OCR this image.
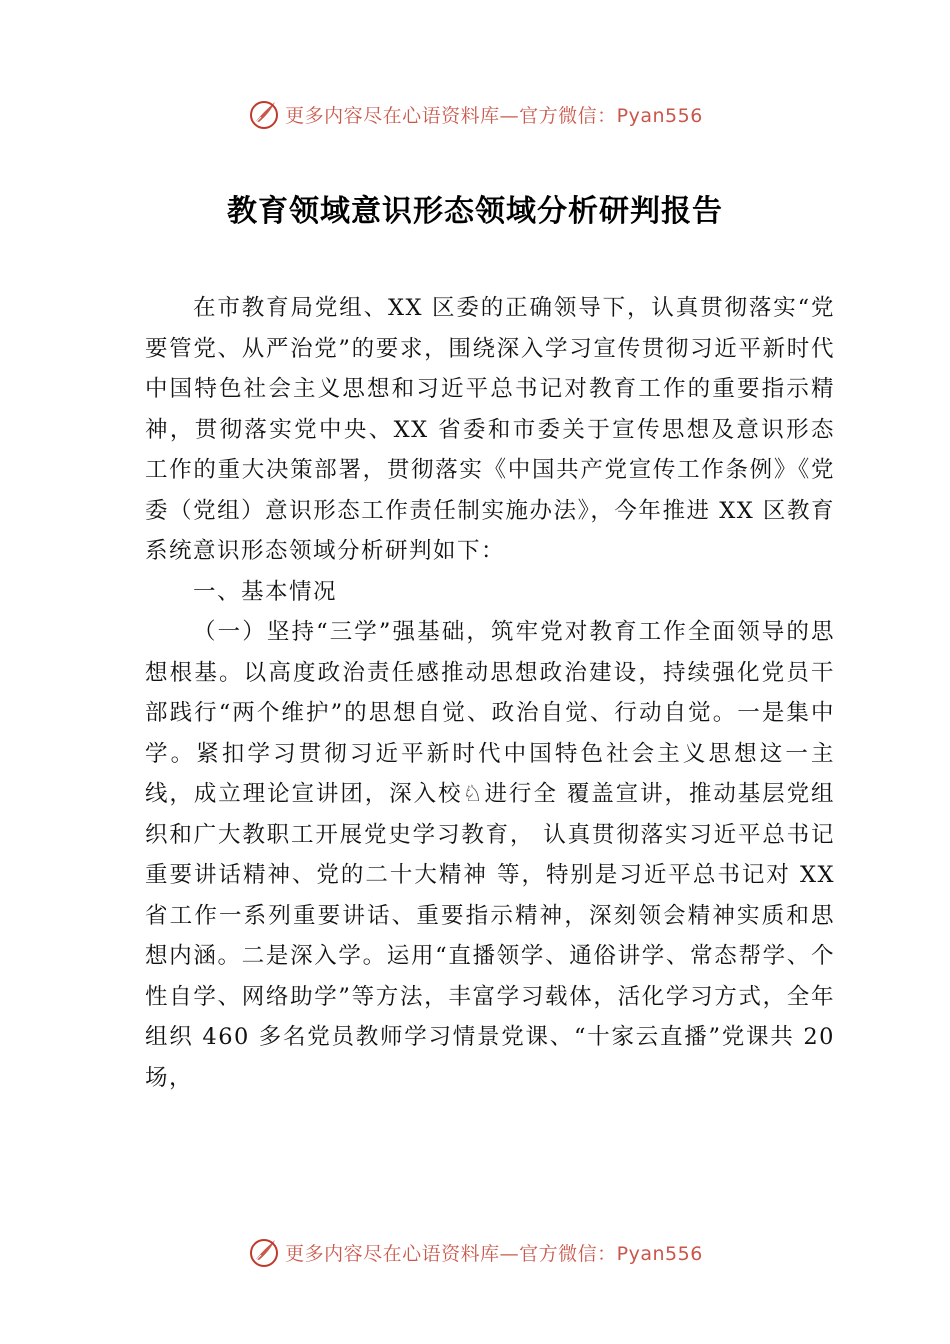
更多内容尽在心语资料库—官方微信：Pyan556
教育领域意识形态领域分析研判报告

在市教育局党组、XX 区委的正确领导下，认真贯彻落实“党要管党、从严治党”的要求，围绕深入学习宣传贯彻习近平新时代中国特色社会主义思想和习近平总书记对教育工作的重要指示精神，贯彻落实党中央、XX 省委和市委关于宣传思想及意识形态工作的重大决策部署，贯彻落实《中国共产党宣传工作条例》《党委（党组）意识形态工作责任制实施办法》，今年推进 XX 区教育系统意识形态领域分析研判如下：

一、基本情况

（一）坚持“三学”强基础，筑牢党对教育工作全面领导的思想根基。以高度政治责任感推动思想政治建设，持续强化党员干部践行“两个维护”的思想自觉、政治自觉、行动自觉。一是集中学。紧扣学习贯彻习近平新时代中国特色社会主义思想这一主线，成立理论宣讲团，深入校♘进行全 覆盖宣讲，推动基层党组织和广大教职工开展党史学习教育， 认真贯彻落实习近平总书记重要讲话精神、党的二十大精神 等，特别是习近平总书记对 XX 省工作一系列重要讲话、重要指示精神，深刻领会精神实质和思想内涵。二是深入学。运用“直播领学、通俗讲学、常态帮学、个性自学、网络助学”等方法，丰富学习载体，活化学习方式，全年组织 460 多名党员教师学习情景党课、“十家云直播”党课共 20 场，

更多内容尽在心语资料库—官方微信：Pyan556
